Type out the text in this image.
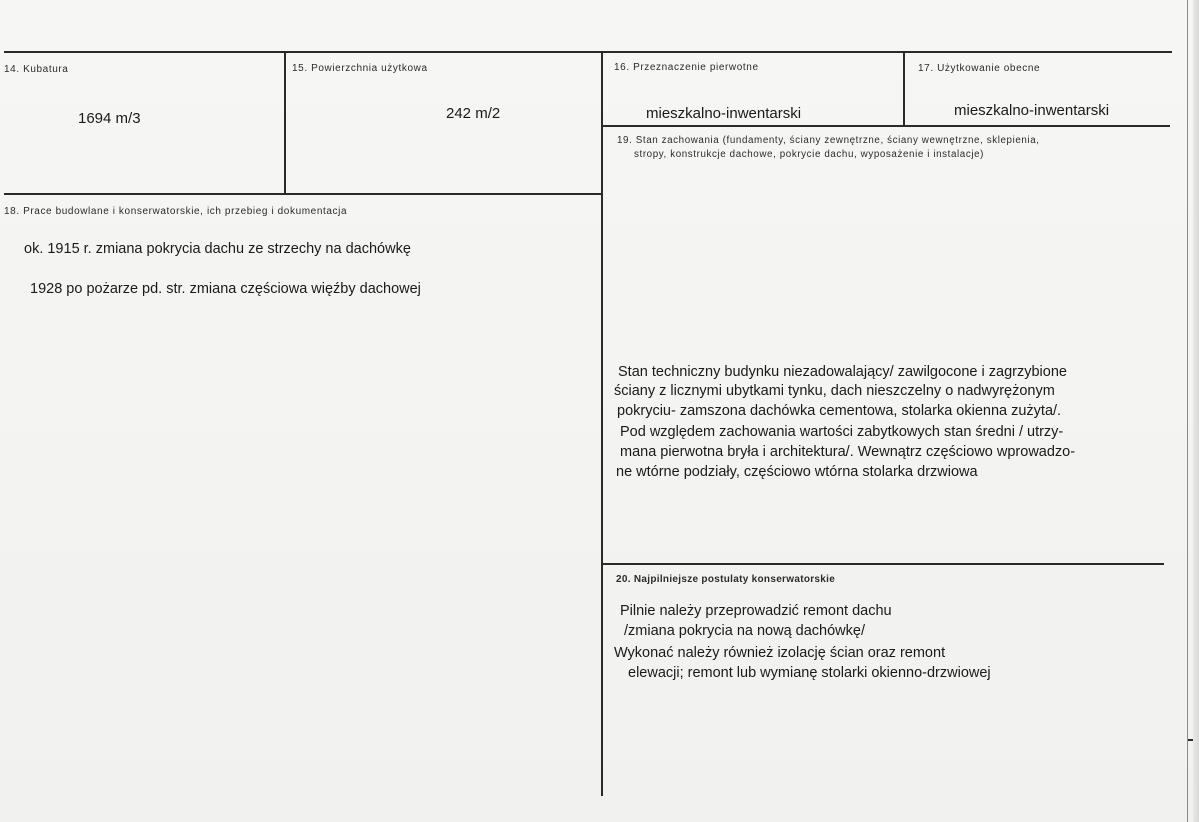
14. Kubatura
1694 m/3
15. Powierzchnia użytkowa
242 m/2
16. Przeznaczenie pierwotne
mieszkalno-inwentarski
17. Użytkowanie obecne
mieszkalno-inwentarski
18. Prace budowlane i konserwatorskie, ich przebieg i dokumentacja
ok. 1915 r. zmiana pokrycia dachu ze strzechy na dachówkę
1928 po pożarze pd. str. zmiana częściowa więźby dachowej
19. Stan zachowania (fundamenty, ściany zewnętrzne, ściany wewnętrzne, sklepienia,
stropy, konstrukcje dachowe, pokrycie dachu, wyposażenie i instalacje)
Stan techniczny budynku niezadowalający/ zawilgocone i zagrzybione
ściany z licznymi ubytkami tynku, dach nieszczelny o nadwyrężonym
pokryciu- zamszona dachówka cementowa, stolarka okienna zużyta/.
Pod względem zachowania wartości zabytkowych stan średni / utrzy-
mana pierwotna bryła i architektura/. Wewnątrz częściowo wprowadzo-
ne wtórne podziały, częściowo wtórna stolarka drzwiowa
20. Najpilniejsze postulaty konserwatorskie
Pilnie należy przeprowadzić remont dachu
/zmiana pokrycia na nową dachówkę/
Wykonać należy również izolację ścian oraz remont
elewacji; remont lub wymianę stolarki okienno-drzwiowej
